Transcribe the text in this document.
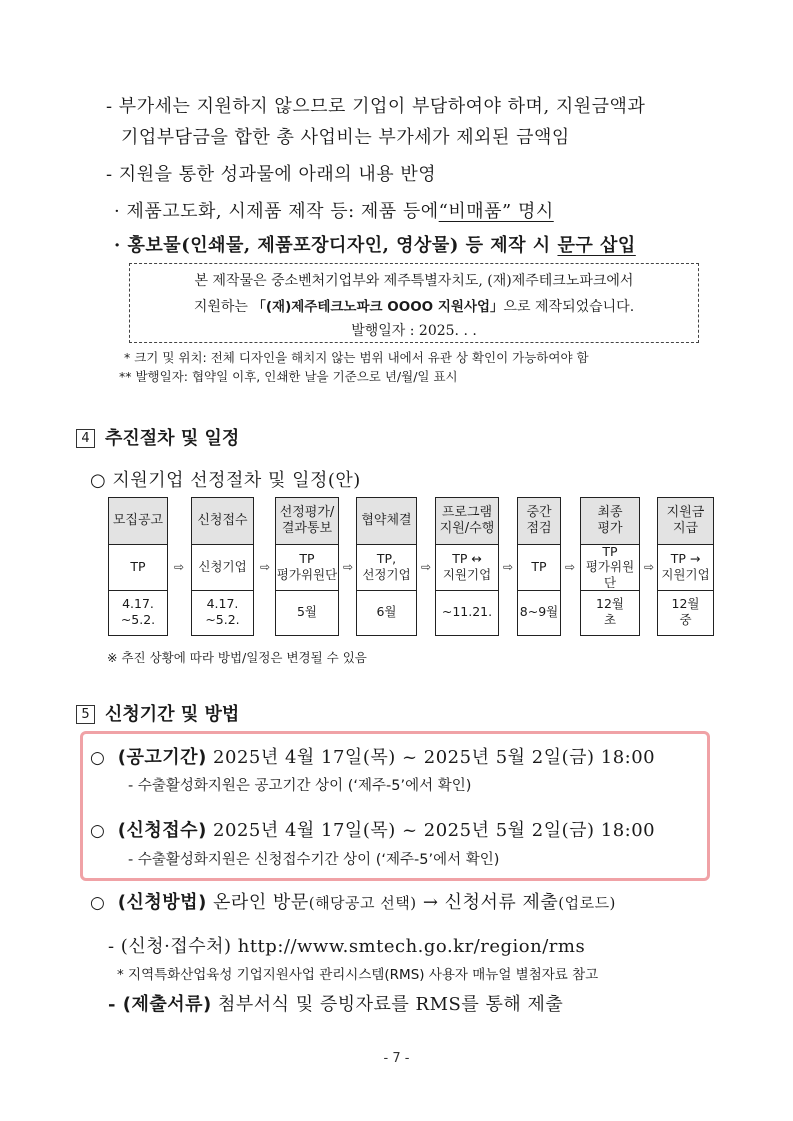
- 부가세는 지원하지 않으므로 기업이 부담하여야 하며, 지원금액과
기업부담금을 합한 총 사업비는 부가세가 제외된 금액임
- 지원을 통한 성과물에 아래의 내용 반영
· 제품고도화, 시제품 제작 등: 제품 등에“비매품” 명시
· 홍보물(인쇄물, 제품포장디자인, 영상물) 등 제작 시 문구 삽입
본 제작물은 중소벤처기업부와 제주특별자치도, (재)제주테크노파크에서
지원하는 「(재)제주테크노파크 OOOO 지원사업」으로 제작되었습니다.
발행일자 : 2025. . .
* 크기 및 위치: 전체 디자인을 해치지 않는 범위 내에서 유관 상 확인이 가능하여야 함
** 발행일자: 협약일 이후, 인쇄한 날을 기준으로 년/월/일 표시
4 추진절차 및 일정
○ 지원기업 선정절차 및 일정(안)
모집공고
TP
4.17.
~5.2.
⇨
신청접수
신청기업
4.17.
~5.2.
⇨
선정평가/
결과통보
TP
평가위원단
5월
⇨
협약체결
TP,
선정기업
6월
⇨
프로그램
지원/수행
TP ↔
지원기업
~11.21.
⇨
중간
점검
TP
8~9월
⇨
최종
평가
TP
평가위원단
12월
초
⇨
지원금
지급
TP →
지원기업
12월
중
※ 추진 상황에 따라 방법/일정은 변경될 수 있음
5 신청기간 및 방법
○ (공고기간) 2025년 4월 17일(목) ~ 2025년 5월 2일(금) 18:00
- 수출활성화지원은 공고기간 상이 (‘제주-5’에서 확인)
○ (신청접수) 2025년 4월 17일(목) ~ 2025년 5월 2일(금) 18:00
- 수출활성화지원은 신청접수기간 상이 (‘제주-5’에서 확인)
○ (신청방법) 온라인 방문(해당공고 선택) → 신청서류 제출(업로드)
- (신청·접수처) http://www.smtech.go.kr/region/rms
* 지역특화산업육성 기업지원사업 관리시스템(RMS) 사용자 매뉴얼 별첨자료 참고
- (제출서류) 첨부서식 및 증빙자료를 RMS를 통해 제출
- 7 -
